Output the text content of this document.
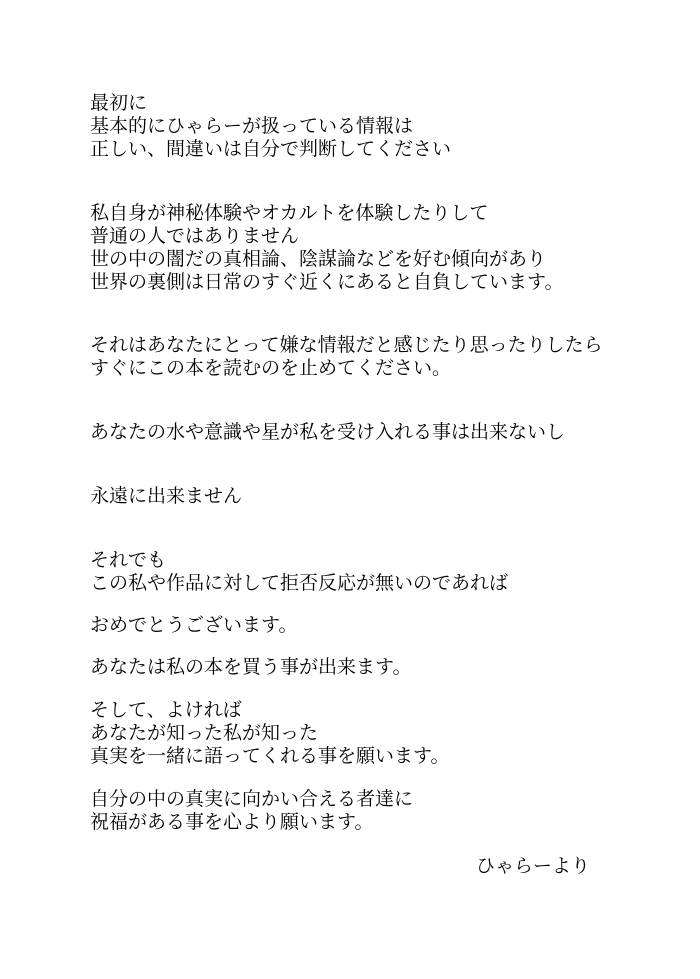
最初に
基本的にひゃらーが扱っている情報は
正しい、間違いは自分で判断してください
私自身が神秘体験やオカルトを体験したりして
普通の人ではありません
世の中の闇だの真相論、陰謀論などを好む傾向があり
世界の裏側は日常のすぐ近くにあると自負しています。
それはあなたにとって嫌な情報だと感じたり思ったりしたら
すぐにこの本を読むのを止めてください。
あなたの水や意識や星が私を受け入れる事は出来ないし
永遠に出来ません
それでも
この私や作品に対して拒否反応が無いのであれば
おめでとうございます。
あなたは私の本を買う事が出来ます。
そして、よければ
あなたが知った私が知った
真実を一緒に語ってくれる事を願います。
自分の中の真実に向かい合える者達に
祝福がある事を心より願います。
ひゃらーより
